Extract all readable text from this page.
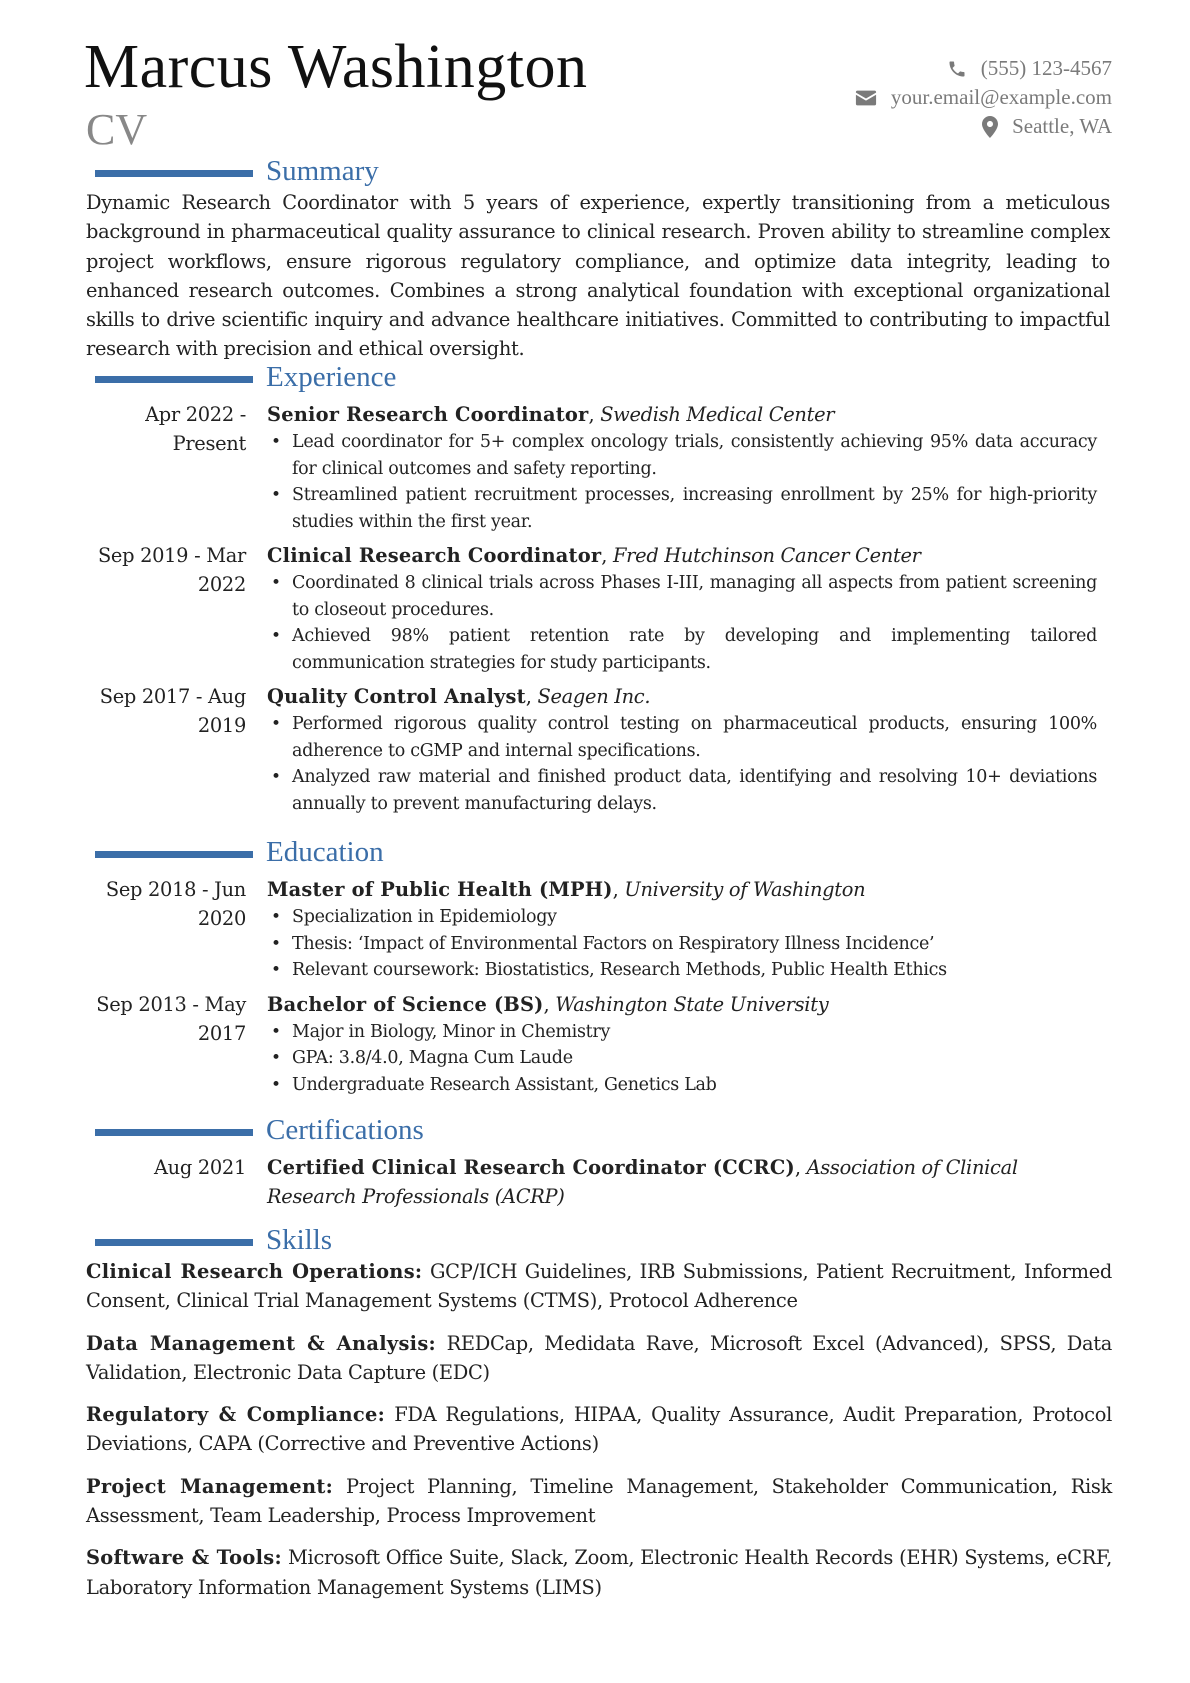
Marcus Washington
CV
(555) 123-4567
your.email@example.com
Seattle, WA
Summary

Dynamic Research Coordinator with 5 years of experience, expertly transitioning from a meticulous background in pharmaceutical quality assurance to clinical research. Proven ability to streamline complex project workflows, ensure rigorous regulatory compliance, and optimize data integrity, leading to enhanced research outcomes. Combines a strong analytical foundation with exceptional organizational skills to drive scientific inquiry and advance healthcare initiatives. Committed to contributing to impactful research with precision and ethical oversight.

Experience
Apr 2022 - Present
Senior Research Coordinator, Swedish Medical Center
• Lead coordinator for 5+ complex oncology trials, consistently achieving 95% data accuracy for clinical outcomes and safety reporting.
• Streamlined patient recruitment processes, increasing enrollment by 25% for high-priority studies within the first year.
Sep 2019 - Mar 2022
Clinical Research Coordinator, Fred Hutchinson Cancer Center
• Coordinated 8 clinical trials across Phases I-III, managing all aspects from patient screening to closeout procedures.
• Achieved 98% patient retention rate by developing and implementing tailored communication strategies for study participants.
Sep 2017 - Aug 2019
Quality Control Analyst, Seagen Inc.
• Performed rigorous quality control testing on pharmaceutical products, ensuring 100% adherence to cGMP and internal specifications.
• Analyzed raw material and finished product data, identifying and resolving 10+ deviations annually to prevent manufacturing delays.
Education
Sep 2018 - Jun 2020
Master of Public Health (MPH), University of Washington
• Specialization in Epidemiology
• Thesis: ‘Impact of Environmental Factors on Respiratory Illness Incidence’
• Relevant coursework: Biostatistics, Research Methods, Public Health Ethics
Sep 2013 - May 2017
Bachelor of Science (BS), Washington State University
• Major in Biology, Minor in Chemistry
• GPA: 3.8/4.0, Magna Cum Laude
• Undergraduate Research Assistant, Genetics Lab
Certifications
Aug 2021 Certified Clinical Research Coordinator (CCRC), Association of Clinical Research Professionals (ACRP)
Skills
Clinical Research Operations: GCP/ICH Guidelines, IRB Submissions, Patient Recruitment, Informed Consent, Clinical Trial Management Systems (CTMS), Protocol Adherence
Data Management & Analysis: REDCap, Medidata Rave, Microsoft Excel (Advanced), SPSS, Data Validation, Electronic Data Capture (EDC)
Regulatory & Compliance: FDA Regulations, HIPAA, Quality Assurance, Audit Preparation, Protocol Deviations, CAPA (Corrective and Preventive Actions)
Project Management: Project Planning, Timeline Management, Stakeholder Communication, Risk Assessment, Team Leadership, Process Improvement
Software & Tools: Microsoft Office Suite, Slack, Zoom, Electronic Health Records (EHR) Systems, eCRF, Laboratory Information Management Systems (LIMS)
